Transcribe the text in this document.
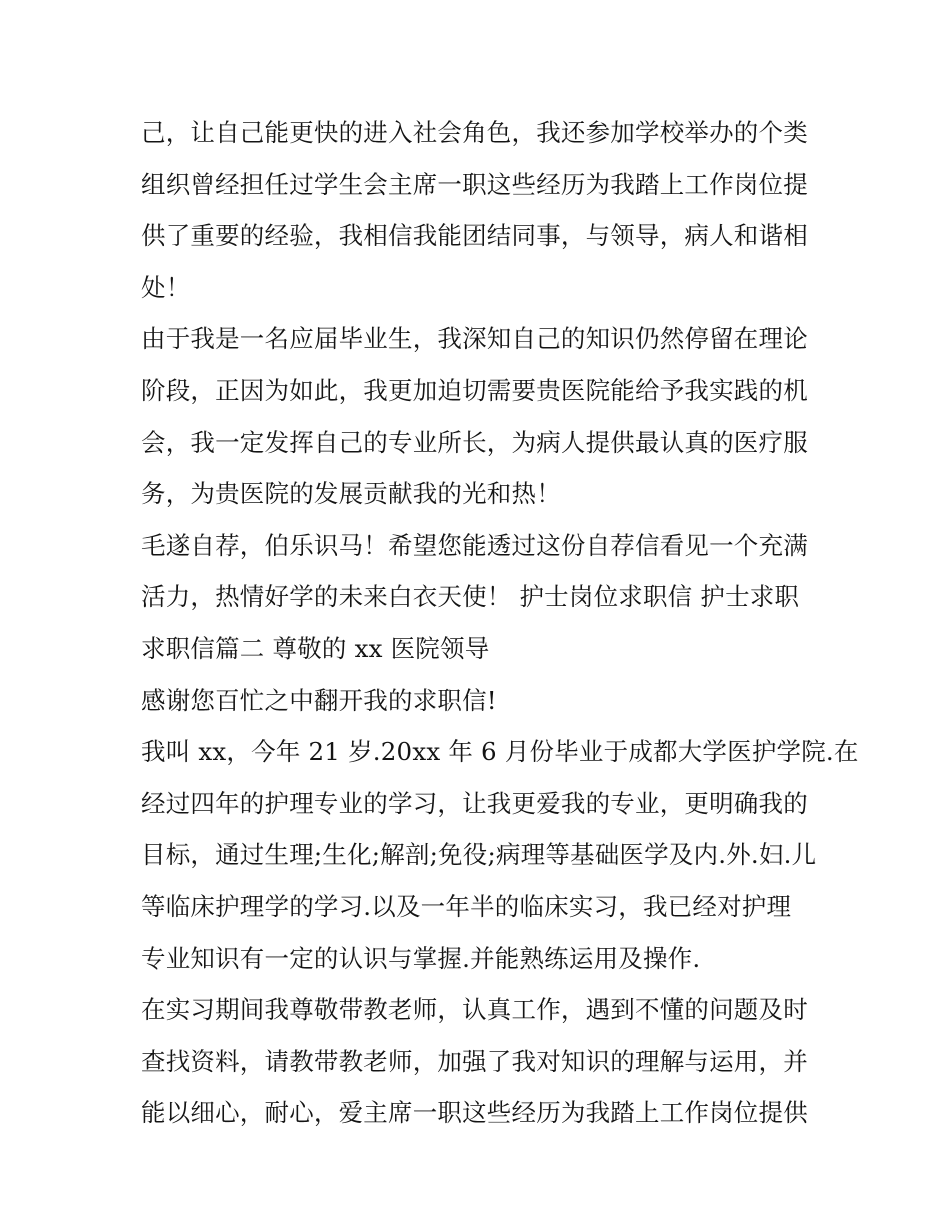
己，让自己能更快的进入社会角色，我还参加学校举办的个类
组织曾经担任过学生会主席一职这些经历为我踏上工作岗位提
供了重要的经验，我相信我能团结同事，与领导，病人和谐相
处！
由于我是一名应届毕业生，我深知自己的知识仍然停留在理论
阶段，正因为如此，我更加迫切需要贵医院能给予我实践的机
会，我一定发挥自己的专业所长，为病人提供最认真的医疗服
务，为贵医院的发展贡献我的光和热！
毛遂自荐，伯乐识马！希望您能透过这份自荐信看见一个充满
活力，热情好学的未来白衣天使！ 护士岗位求职信 护士求职
求职信篇二 尊敬的 xx 医院领导
感谢您百忙之中翻开我的求职信!
我叫 xx，今年 21 岁.20xx 年 6 月份毕业于成都大学医护学院.在
经过四年的护理专业的学习，让我更爱我的专业，更明确我的
目标，通过生理;生化;解剖;免役;病理等基础医学及内.外.妇.儿
等临床护理学的学习.以及一年半的临床实习，我已经对护理
专业知识有一定的认识与掌握.并能熟练运用及操作.
在实习期间我尊敬带教老师，认真工作，遇到不懂的问题及时
查找资料，请教带教老师，加强了我对知识的理解与运用，并
能以细心，耐心，爱主席一职这些经历为我踏上工作岗位提供
